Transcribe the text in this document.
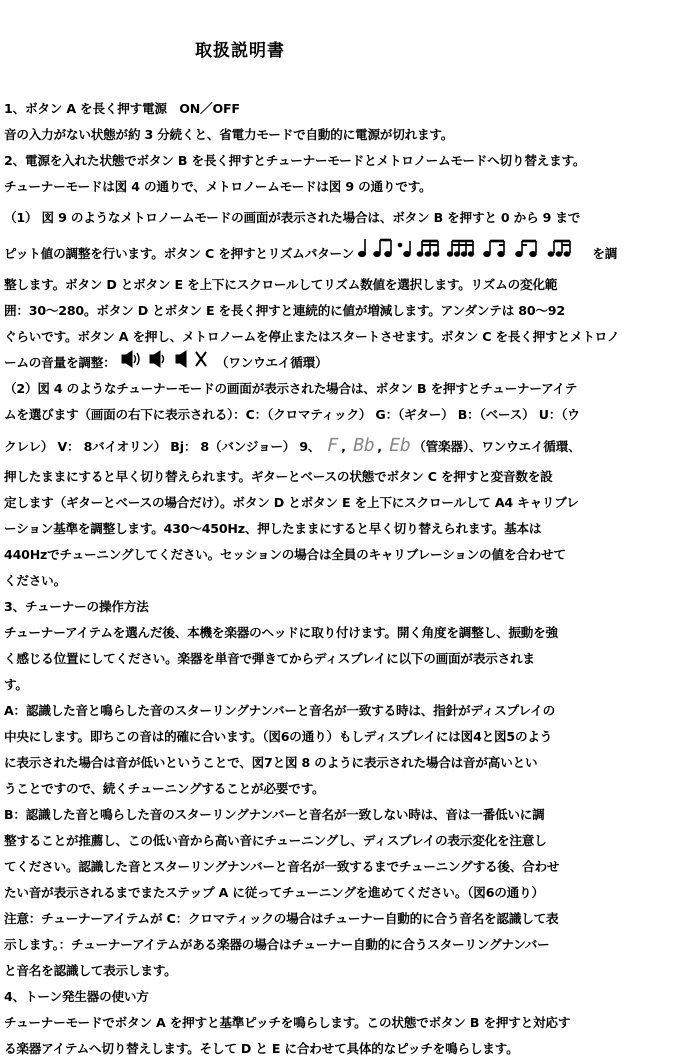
取扱説明書
1、ボタン A を長く押す電源　ON／OFF
音の入力がない状態が約 3 分続くと、省電力モードで自動的に電源が切れます。
2、電源を入れた状態でボタン B を長く押すとチューナーモードとメトロノームモードへ切り替えます。
チューナーモードは図 4 の通りで、メトロノームモードは図 9 の通りです。
（1） 図 9 のようなメトロノームモードの画面が表示された場合は、ボタン B を押すと 0 から 9 まで
ピット値の調整を行います。ボタン C を押すとリズムパターン	を調
整します。ボタン D とボタン E を上下にスクロールしてリズム数値を選択します。リズムの変化範
囲：30～280。ボタン D とボタン E を長く押すと連続的に値が増減します。アンダンテは 80～92
ぐらいです。ボタン A を押し、メトロノームを停止またはスタートさせます。ボタン C を長く押すとメトロノ
ームの音量を調整：	（ワンウエイ循環）
（2）図 4 のようなチューナーモードの画面が表示された場合は、ボタン B を押すとチューナーアイテ
ムを選びます（画面の右下に表示される）：C：（クロマティック） G：（ギター） B：（ベース） U：（ウ
クレレ） V： 8バイオリン） Bj： 8（バンジョー） 9、 F, Bb, Eb（管楽器）、ワンウエイ循環、
押したままにすると早く切り替えられます。ギターとベースの状態でボタン C を押すと変音数を設
定します（ギターとベースの場合だけ）。ボタン D とボタン E を上下にスクロールして A4 キャリブレ
ーション基準を調整します。430～450Hz、押したままにすると早く切り替えられます。基本は
440Hzでチューニングしてください。セッションの場合は全員のキャリブレーションの値を合わせて
ください。
3、チューナーの操作方法
チューナーアイテムを選んだ後、本機を楽器のヘッドに取り付けます。開く角度を調整し、振動を強
く感じる位置にしてください。楽器を単音で弾きてからディスプレイに以下の画面が表示されま
す。
A：認識した音と鳴らした音のスターリングナンバーと音名が一致する時は、指針がディスプレイの
中央にします。即ちこの音は的確に合います。（図6の通り）もしディスプレイには図4と図5のよう
に表示された場合は音が低いということで、図7と図 8 のように表示された場合は音が高いとい
うことですので、続くチューニングすることが必要です。
B：認識した音と鳴らした音のスターリングナンバーと音名が一致しない時は、音は一番低いに調
整することが推薦し、この低い音から高い音にチューニングし、ディスプレイの表示変化を注意し
てください。認識した音とスターリングナンバーと音名が一致するまでチューニングする後、合わせ
たい音が表示されるまでまたステップ A に従ってチューニングを進めてください。（図6の通り）
注意：チューナーアイテムが C：クロマティックの場合はチューナー自動的に合う音名を認識して表
示します。：チューナーアイテムがある楽器の場合はチューナー自動的に合うスターリングナンバー
と音名を認識して表示します。
4、トーン発生器の使い方
チューナーモードでボタン A を押すと基準ピッチを鳴らします。この状態でボタン B を押すと対応す
る楽器アイテムへ切り替えします。そして D と E に合わせて具体的なピッチを鳴らします。
